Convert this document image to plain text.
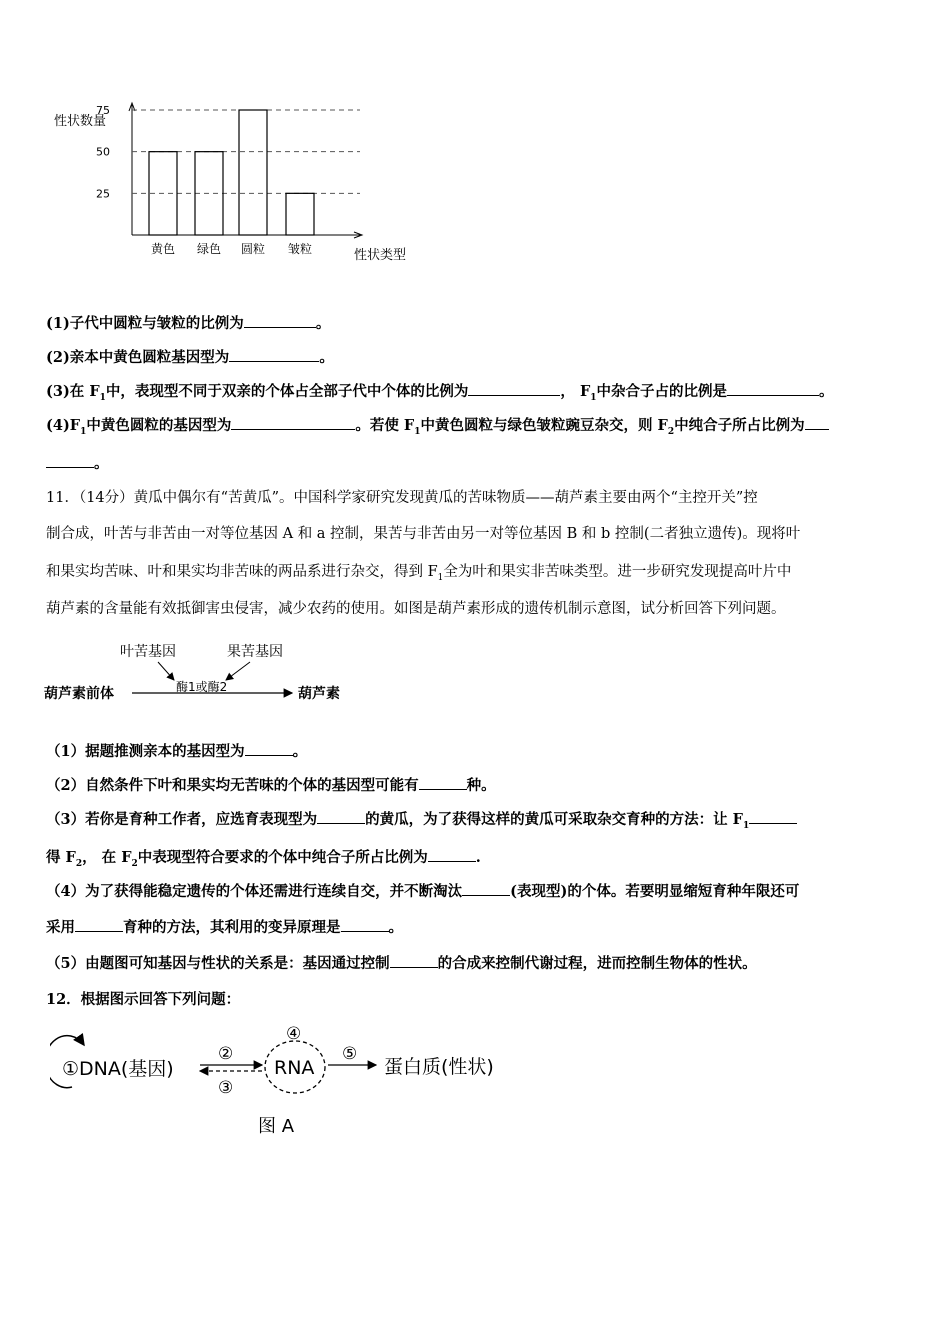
性状数量
性状类型
25
50
75
黄色 绿色 圆粒 皱粒
(1)子代中圆粒与皱粒的比例为	。
(2)亲本中黄色圆粒基因型为	。
(3)在 $F_1$中，表现型不同于双亲的个体占全部子代中个体的比例为	， $F_1$中杂合子占的比例是	。
$(4)F_1$中黄色圆粒的基因型为	。若使 $F_1$中黄色圆粒与绿色皱粒豌豆杂交，则 $F_2$中纯合子所占比例为
。
11．（14分）黄瓜中偶尔有“苦黄瓜”。中国科学家研究发现黄瓜的苦味物质——葫芦素主要由两个“主控开关”控
制合成，叶苦与非苦由一对等位基因 A 和 a 控制，果苦与非苦由另一对等位基因 B 和 b 控制(二者独立遗传)。现将叶
和果实均苦味、叶和果实均非苦味的两品系进行杂交，得到 $F_1$全为叶和果实非苦味类型。进一步研究发现提高叶片中
葫芦素的含量能有效抵御害虫侵害，减少农药的使用。如图是葫芦素形成的遗传机制示意图，试分析回答下列问题。
叶苦基因	果苦基因
酶1或酶2
葫芦素前体	葫芦素
（1）据题推测亲本的基因型为	。
（2）自然条件下叶和果实均无苦味的个体的基因型可能有	种。
（3）若你是育种工作者，应选育表现型为	的黄瓜，为了获得这样的黄瓜可采取杂交育种的方法：让 $F_1$
得 $F_2$， 在 $F_2$中表现型符合要求的个体中纯合子所占比例为	.
（4）为了获得能稳定遗传的个体还需进行连续自交，并不断淘汰	(表现型)的个体。若要明显缩短育种年限还可
采用	育种的方法，其利用的变异原理是	。
（5）由题图可知基因与性状的关系是：基因通过控制	的合成来控制代谢过程，进而控制生物体的性状。
12．根据图示回答下列问题：
①DNA(基因)
②
③
RNA
④
⑤
蛋白质(性状)
图 A
